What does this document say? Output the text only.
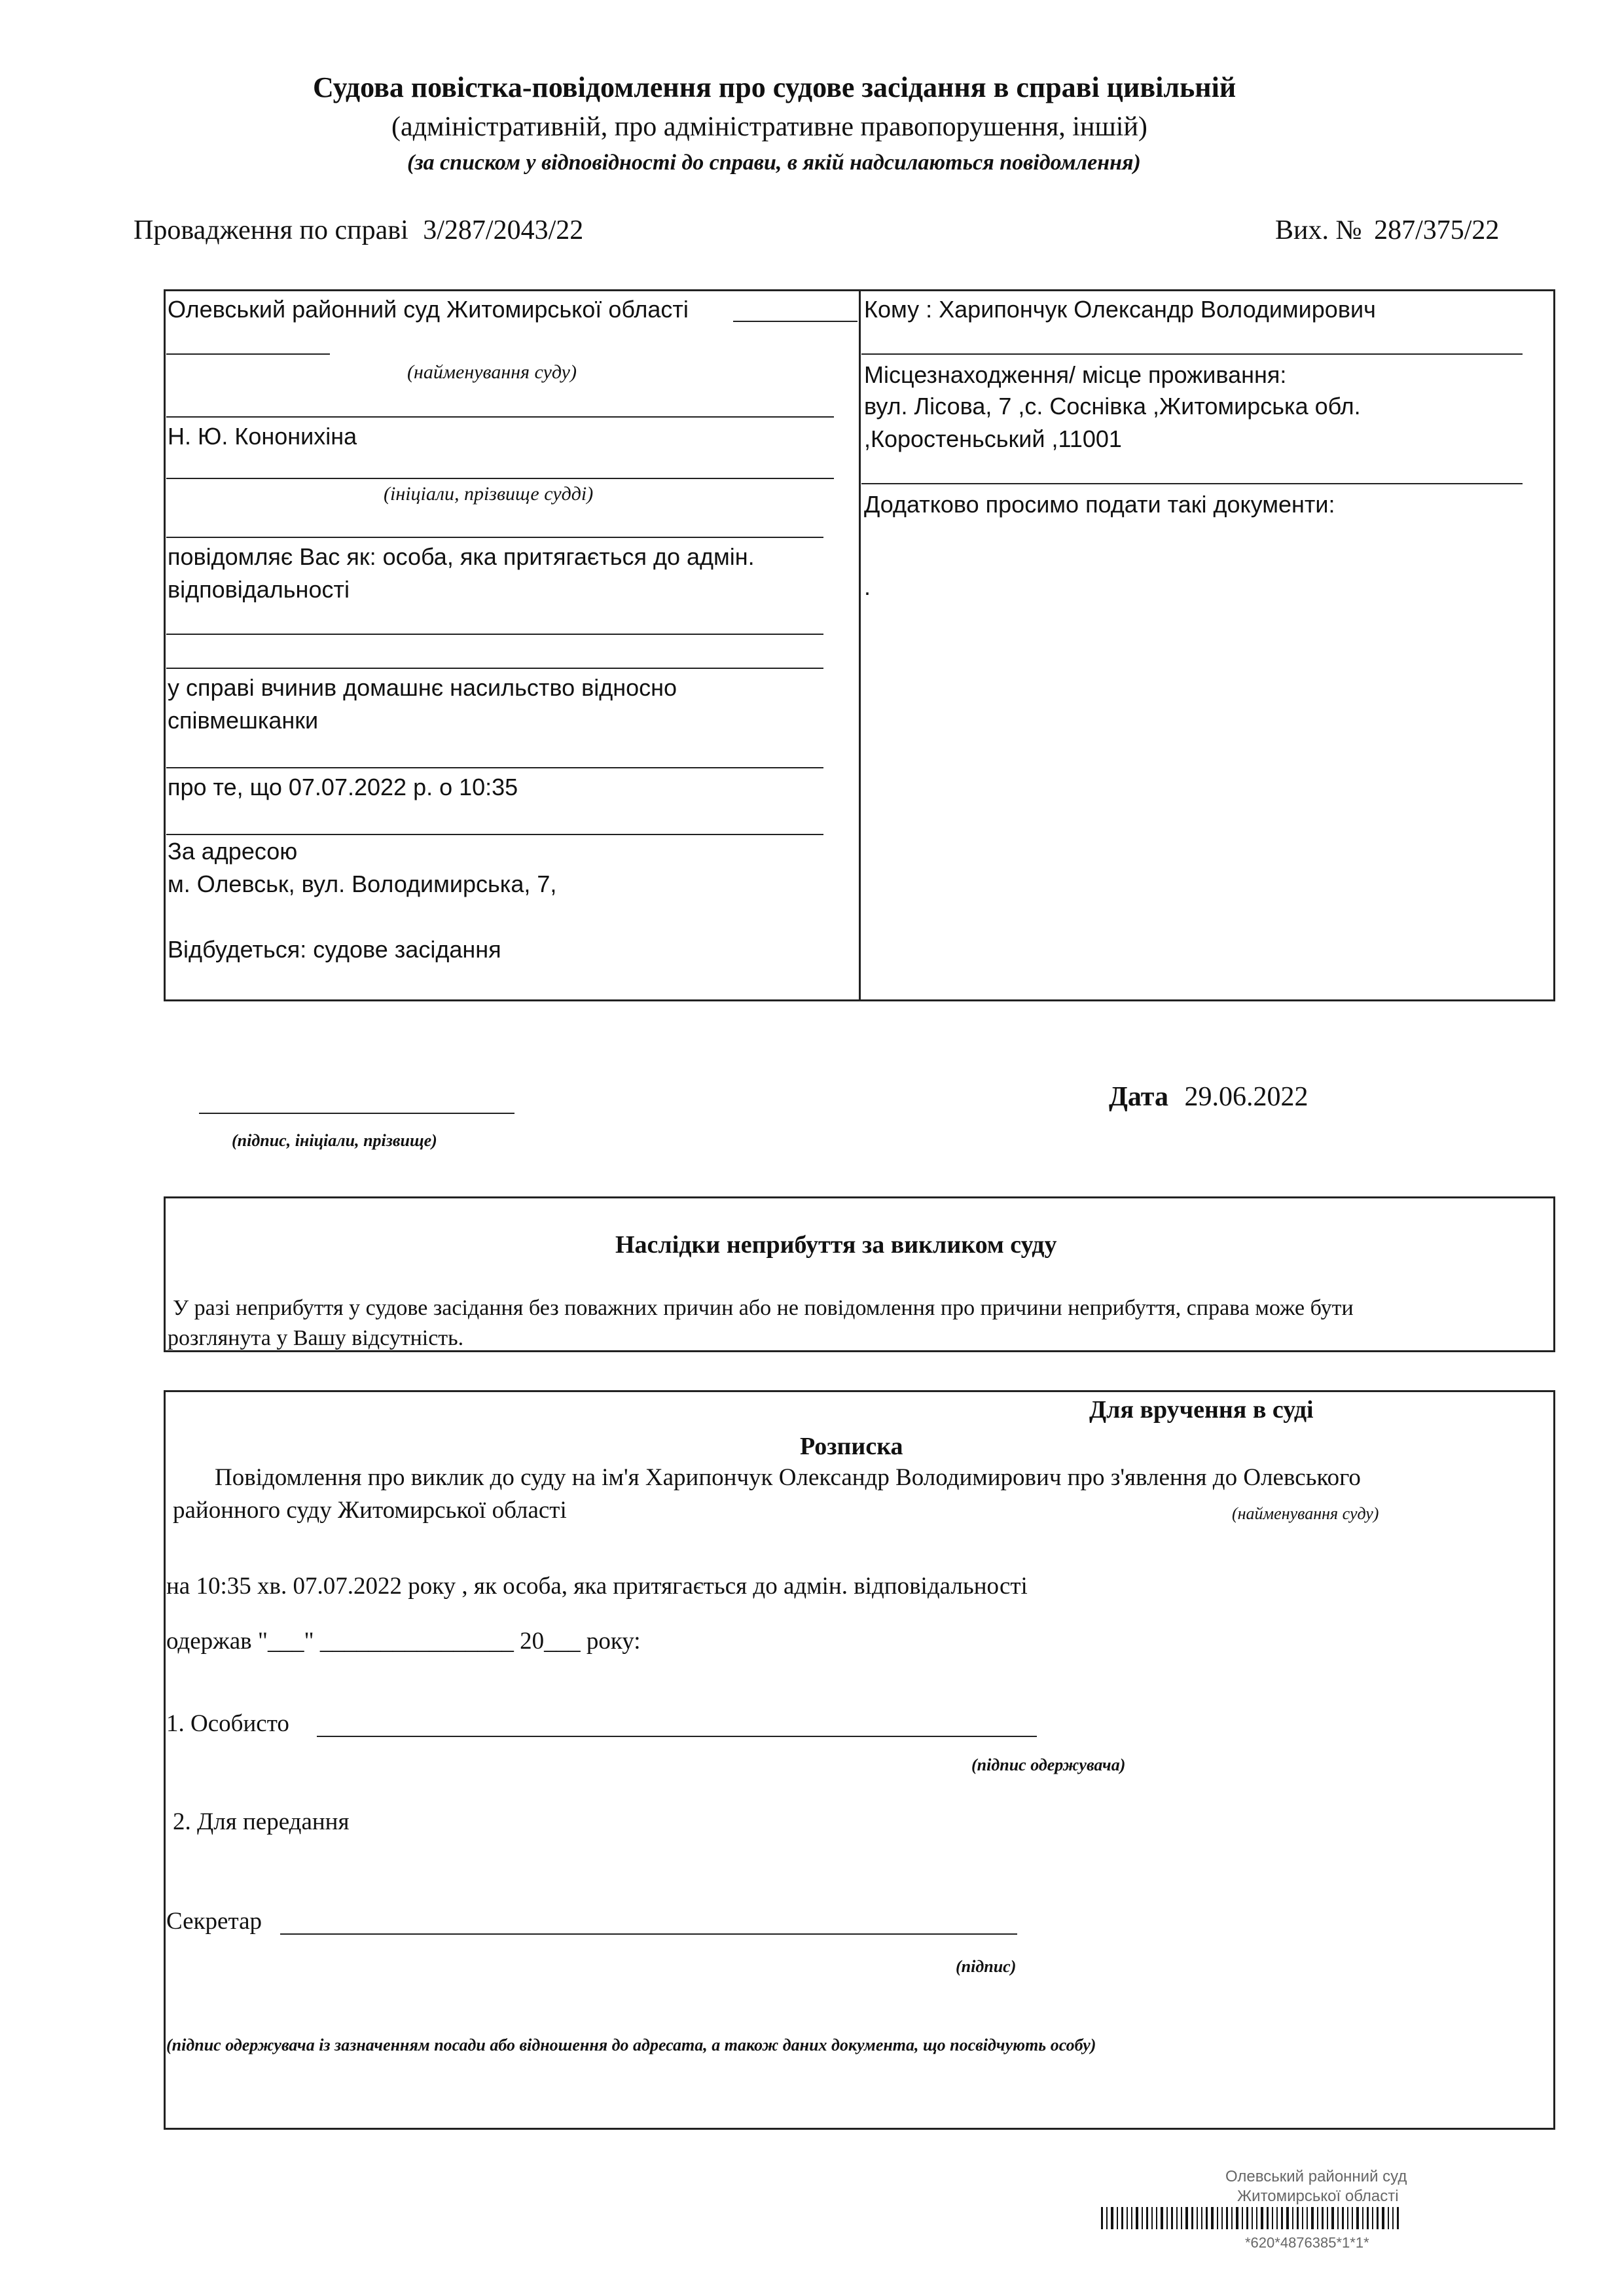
Судова повістка-повідомлення про судове засідання в справі цивільній
(адміністративній, про адміністративне правопорушення, іншій)
(за списком у відповідності до справи, в якій надсилаються повідомлення)
Провадження по справі 3/287/2043/22	Вих. № 287/375/22
Олевський районний суд Житомирської області
(найменування суду)
Н. Ю. Кононихіна
(ініціали, прізвище судді)
повідомляє Вас як: особа, яка притягається до адмін.
відповідальності
у справі вчинив домашнє насильство відносно
співмешканки
про те, що 07.07.2022 р. о 10:35
За адресою
м. Олевськ, вул. Володимирська, 7,
Відбудеться: судове засідання
Кому : Харипончук Олександр Володимирович
Місцезнаходження/ місце проживання:
вул. Лісова, 7 ,с. Соснівка ,Житомирська обл.
,Коростеньський ,11001
Додатково просимо подати такі документи:
.
(підпис, ініціали, прізвище)
Дата 29.06.2022
Наслідки неприбуття за викликом суду
У разі неприбуття у судове засідання без поважних причин або не повідомлення про причини неприбуття, справа може бути
розглянута у Вашу відсутність.
Для вручення в суді
Розписка
Повідомлення про виклик до суду на ім'я Харипончук Олександр Володимирович про з'явлення до Олевського
районного суду Житомирської області	(найменування суду)
на 10:35 хв. 07.07.2022 року , як особа, яка притягається до адмін. відповідальності
одержав "___" ________________ 20___ року:
1. Особисто
(підпис одержувача)
2. Для передання
Секретар
(підпис)
(підпис одержувача із зазначенням посади або відношення до адресата, а також даних документа, що посвідчують особу)
Олевський районний суд
Житомирської області
*620*4876385*1*1*
